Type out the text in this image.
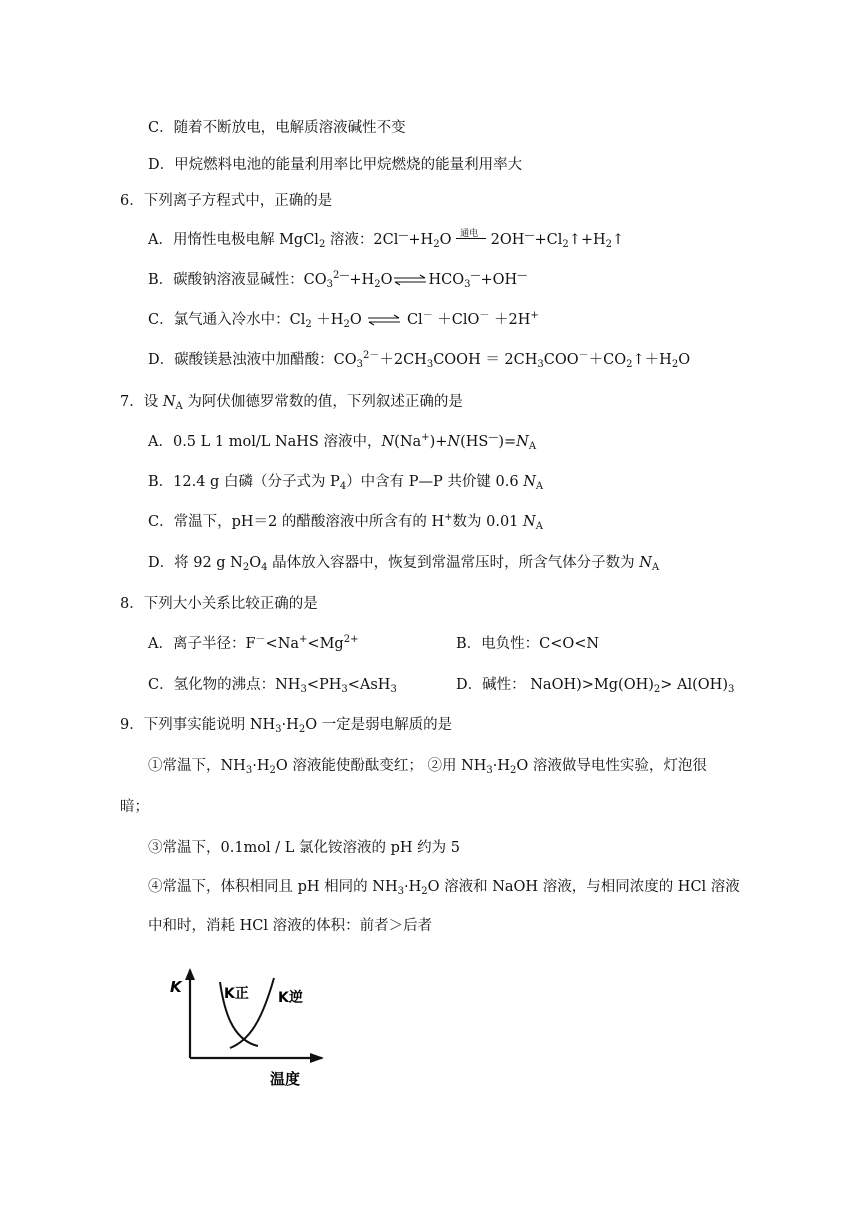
C．随着不断放电，电解质溶液碱性不变
D．甲烷燃料电池的能量利用率比甲烷燃烧的能量利用率大
6．下列离子方程式中，正确的是
A．用惰性电极电解 MgCl$_2$ 溶液：$2Cl^—+H_2O$ 通电 $2OH^—+Cl_2↑+H_2↑$
B．碳酸钠溶液显碱性：$CO_3^{2—}+H_2O\rightleftharpoons HCO_3^—+OH^—$
C．氯气通入冷水中：$Cl_2 +H_2O$ ⇌ Cl－ ＋ClO－ ＋2H+
D．碳酸镁悬浊液中加醋酸：$CO_3^{2-}+2CH_3COOH$ ＝ $2CH_3COO^-+CO_2↑+H_2O$
7．设 $N_A$ 为阿伏伽德罗常数的值，下列叙述正确的是
A．0.5 L 1 mol/L NaHS 溶液中，$N(Na^+)+N(HS^—)=N_A$
B．12.4 g 白磷（分子式为 $P_4$）中含有 P—P 共价键 0.6 $N_A$
C．常温下，pH＝2 的醋酸溶液中所含有的 H+数为 0.01 $N_A$
D．将 92 g $N_2O_4$ 晶体放入容器中，恢复到常温常压时，所含气体分子数为 $N_A$
8．下列大小关系比较正确的是
A．离子半径：$F^-<Na^+<Mg^{2+}$	B．电负性：C<O<N
C．氢化物的沸点：$NH_3<PH_3<AsH_3$	D．碱性： $NaOH)>Mg(OH)_2> Al(OH)_3$
9．下列事实能说明 $NH_3\cdot H_2O$ 一定是弱电解质的是
①常温下，$NH_3\cdot H_2O$ 溶液能使酚酞变红； ②用 $NH_3\cdot H_2O$ 溶液做导电性实验，灯泡很
暗；
③常温下，0.1mol / L 氯化铵溶液的 pH 约为 5
④常温下，体积相同且 pH 相同的 $NH_3\cdot H_2O$ 溶液和 NaOH 溶液，与相同浓度的 HCl 溶液
中和时，消耗 HCl 溶液的体积：前者＞后者
K	K正 K逆
温度
